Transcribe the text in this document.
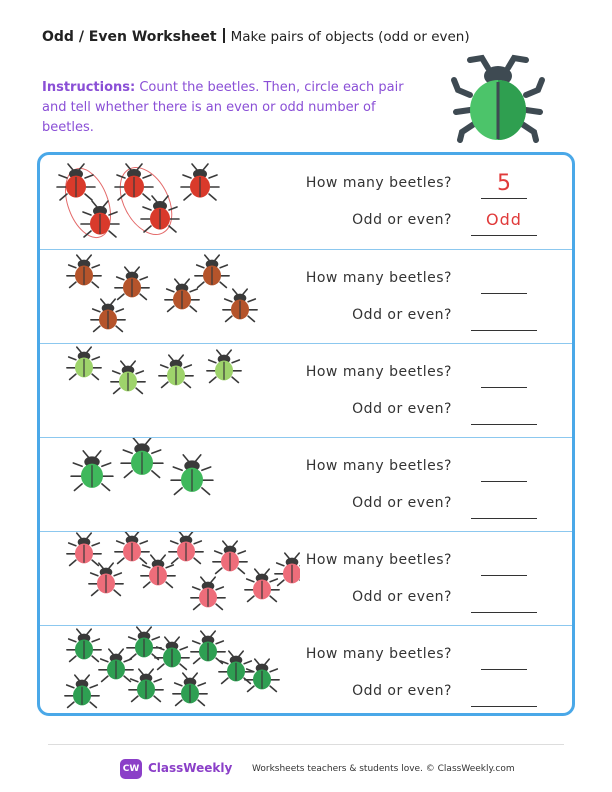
Odd / Even Worksheet Make pairs of objects (odd or even)
Instructions: Count the beetles. Then, circle each pair and tell whether there is an even or odd number of beetles.
How many beetles?	5
Odd or even?	Odd
How many beetles?
Odd or even?
How many beetles?
Odd or even?
How many beetles?
Odd or even?
How many beetles?
Odd or even?
How many beetles?
Odd or even?
CW ClassWeekly Worksheets teachers & students love. © ClassWeekly.com
